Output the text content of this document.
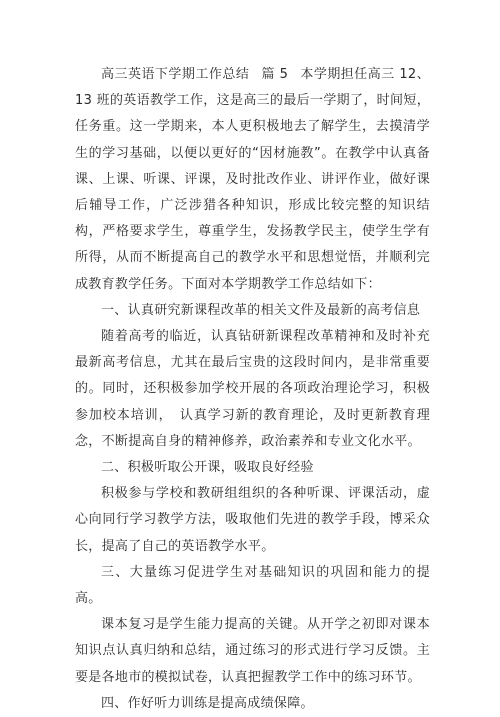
高三英语下学期工作总结 篇 5 本学期担任高三 12、13 班的英语教学工作，这是高三的最后一学期了，时间短，任务重。这一学期来，本人更积极地去了解学生，去摸清学生的学习基础，以便以更好的“因材施教”。在教学中认真备课、上课、听课、评课，及时批改作业、讲评作业，做好课后辅导工作，广泛涉猎各种知识，形成比较完整的知识结构，严格要求学生，尊重学生，发扬教学民主，使学生学有所得，从而不断提高自己的教学水平和思想觉悟，并顺利完成教育教学任务。下面对本学期教学工作总结如下：

一、认真研究新课程改革的相关文件及最新的高考信息

随着高考的临近，认真钻研新课程改革精神和及时补充最新高考信息，尤其在最后宝贵的这段时间内，是非常重要的。同时，还积极参加学校开展的各项政治理论学习，积极参加校本培训，　认真学习新的教育理论，及时更新教育理念，不断提高自身的精神修养，政治素养和专业文化水平。

二、积极听取公开课，吸取良好经验

积极参与学校和教研组组织的各种听课、评课活动，虚心向同行学习教学方法，吸取他们先进的教学手段，博采众长，提高了自己的英语教学水平。

三、大量练习促进学生对基础知识的巩固和能力的提高。

课本复习是学生能力提高的关键。从开学之初即对课本知识点认真归纳和总结，通过练习的形式进行学习反馈。主要是各地市的模拟试卷，认真把握教学工作中的练习环节。

四、作好听力训练是提高成绩保障。
